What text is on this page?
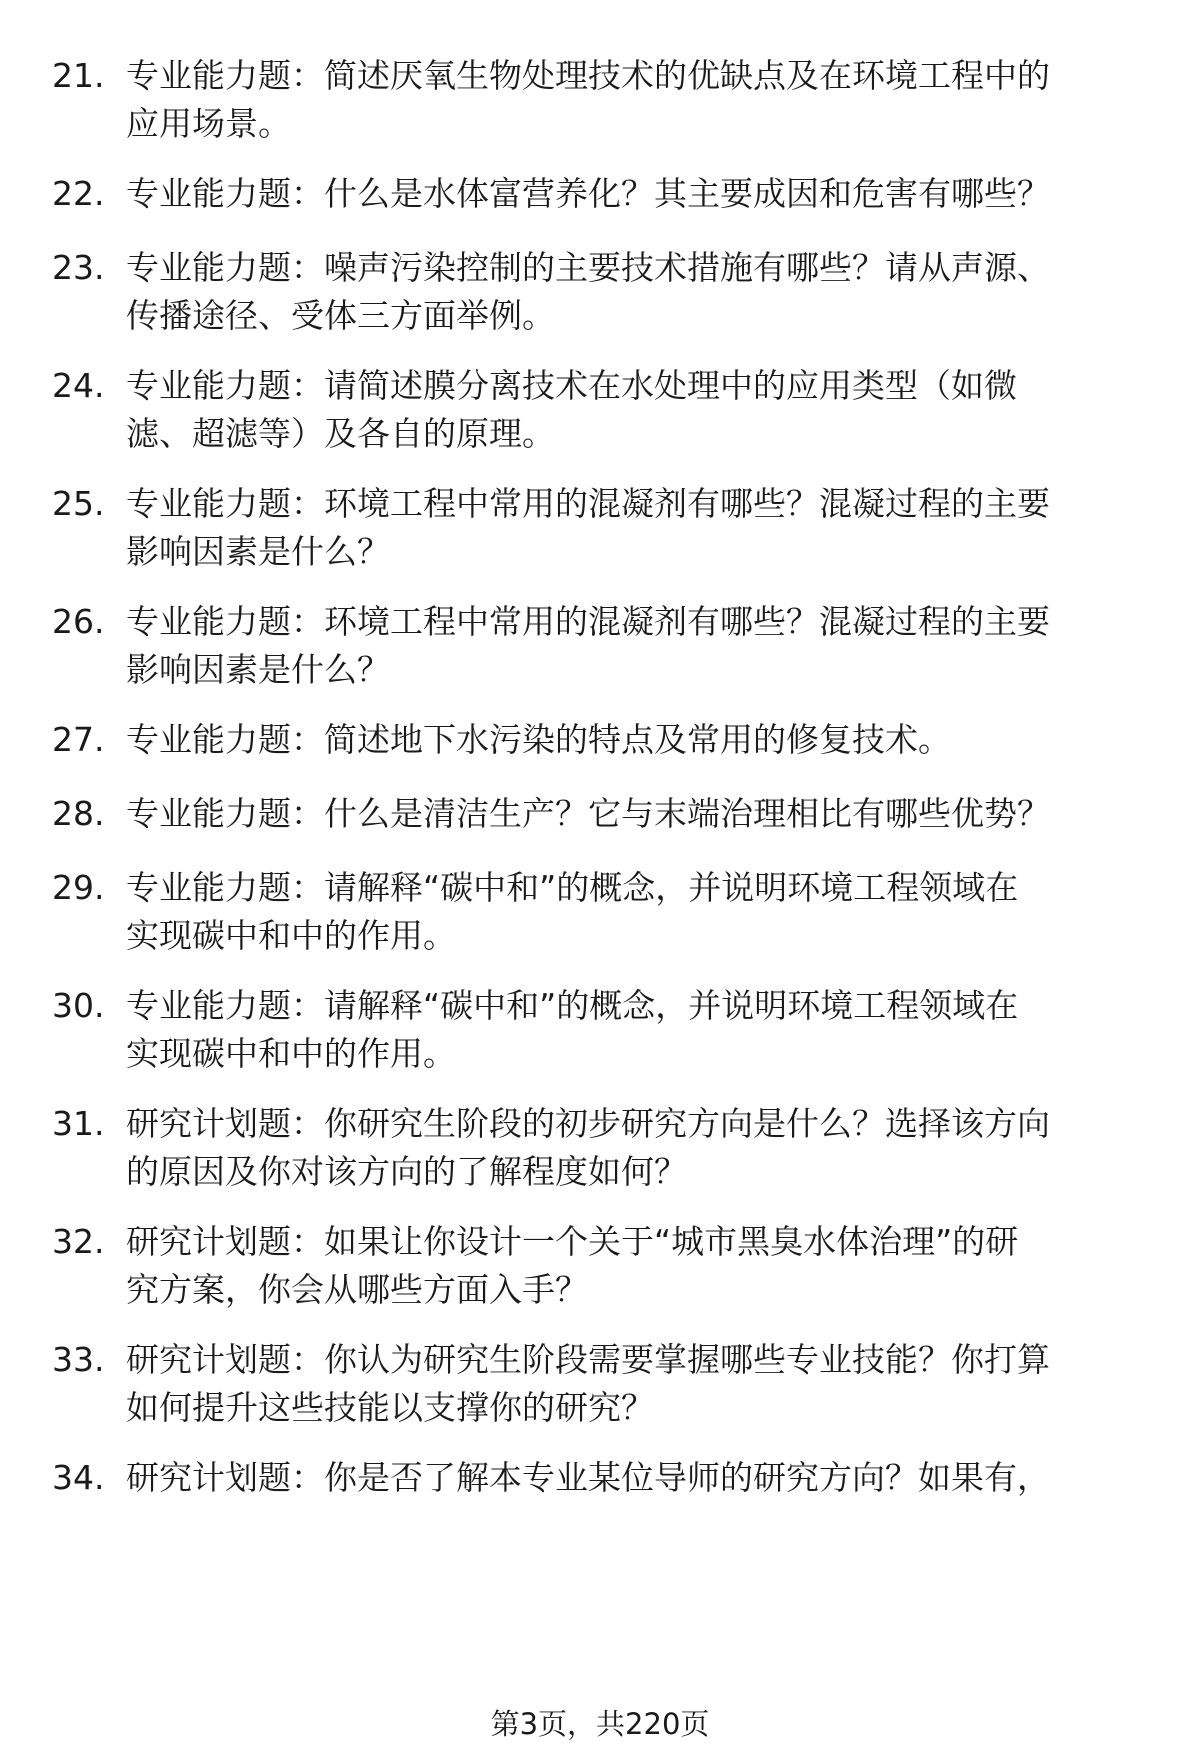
21. 专业能力题：简述厌氧生物处理技术的优缺点及在环境工程中的
应用场景。
22. 专业能力题：什么是水体富营养化？其主要成因和危害有哪些？
23. 专业能力题：噪声污染控制的主要技术措施有哪些？请从声源、
传播途径、受体三方面举例。
24. 专业能力题：请简述膜分离技术在水处理中的应用类型（如微
滤、超滤等）及各自的原理。
25. 专业能力题：环境工程中常用的混凝剂有哪些？混凝过程的主要
影响因素是什么？
26. 专业能力题：环境工程中常用的混凝剂有哪些？混凝过程的主要
影响因素是什么？
27. 专业能力题：简述地下水污染的特点及常用的修复技术。
28. 专业能力题：什么是清洁生产？它与末端治理相比有哪些优势？
29. 专业能力题：请解释“碳中和”的概念，并说明环境工程领域在
实现碳中和中的作用。
30. 专业能力题：请解释“碳中和”的概念，并说明环境工程领域在
实现碳中和中的作用。
31. 研究计划题：你研究生阶段的初步研究方向是什么？选择该方向
的原因及你对该方向的了解程度如何？
32. 研究计划题：如果让你设计一个关于“城市黑臭水体治理”的研
究方案，你会从哪些方面入手？
33. 研究计划题：你认为研究生阶段需要掌握哪些专业技能？你打算
如何提升这些技能以支撑你的研究？
34. 研究计划题：你是否了解本专业某位导师的研究方向？如果有，
第3页，共220页
